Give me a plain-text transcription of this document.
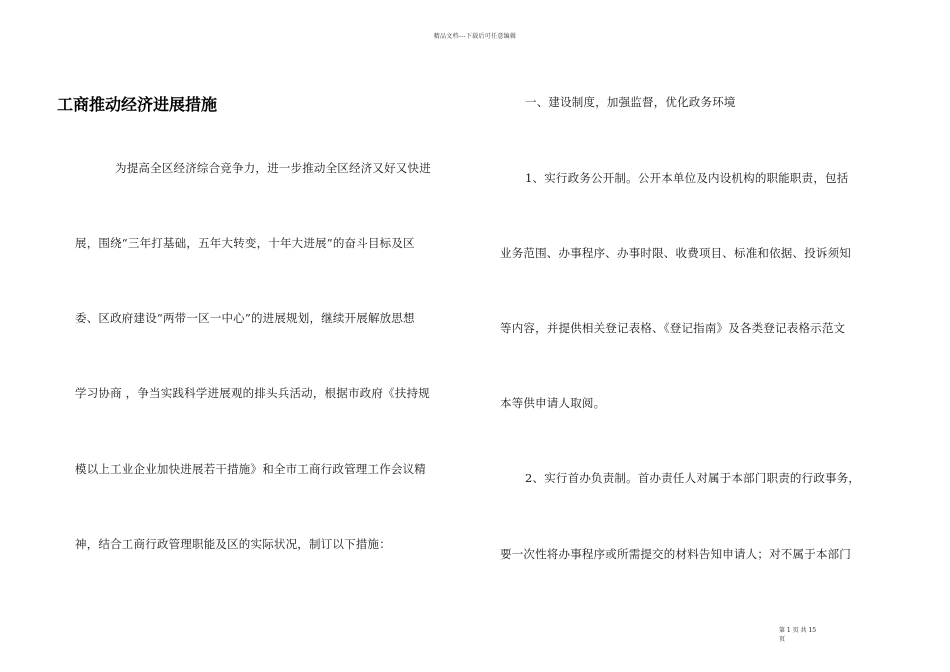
精品文档---下载后可任意编辑
工商推动经济进展措施
为提高全区经济综合竞争力，进一步推动全区经济又好又快进
展，围绕“三年打基础，五年大转变，十年大进展”的奋斗目标及区
委、区政府建设“两带一区一中心”的进展规划，继续开展解放思想
学习协商 ，争当实践科学进展观的排头兵活动，根据市政府《扶持规
模以上工业企业加快进展若干措施》和全市工商行政管理工作会议精
神，结合工商行政管理职能及区的实际状况，制订以下措施：
一、建设制度，加强监督，优化政务环境
1、实行政务公开制。公开本单位及内设机构的职能职责，包括
业务范围、办事程序、办事时限、收费项目、标准和依据、投诉须知
等内容，并提供相关登记表格、《登记指南》及各类登记表格示范文
本等供申请人取阅。
2、实行首办负责制。首办责任人对属于本部门职责的行政事务，
要一次性将办事程序或所需提交的材料告知申请人；对不属于本部门
第 1 页 共 15
页
